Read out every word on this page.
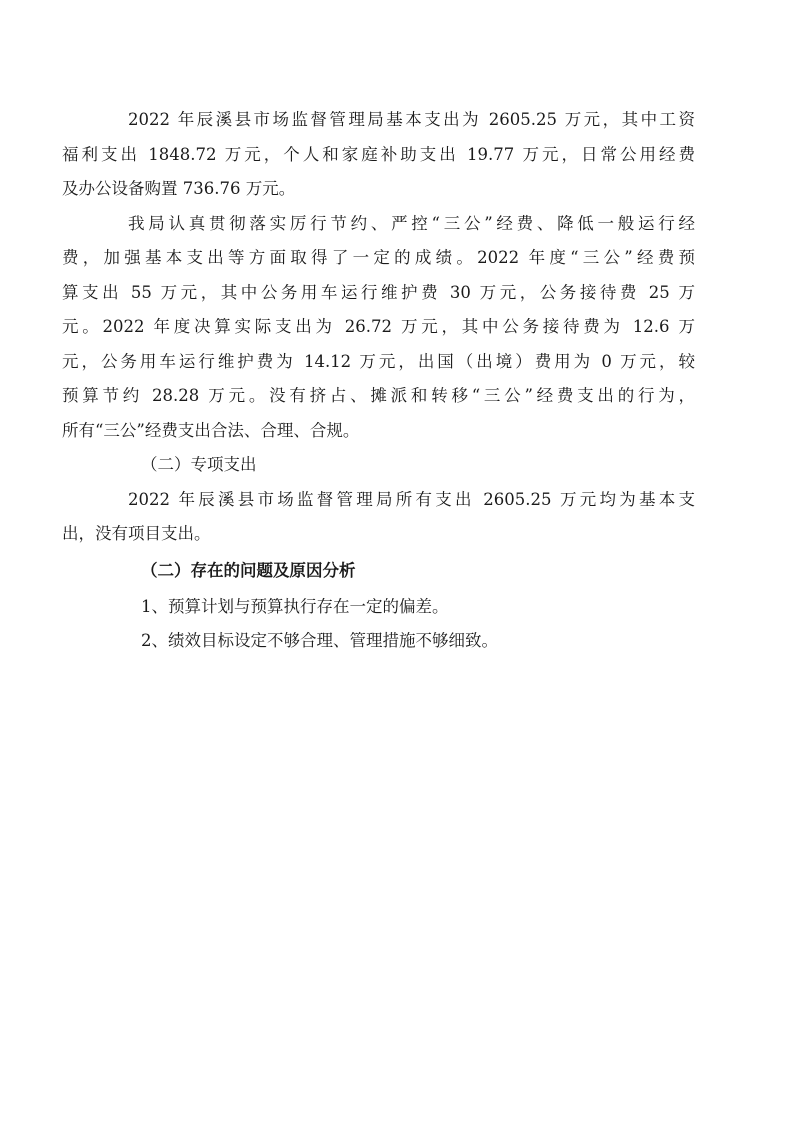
2022 年辰溪县市场监督管理局基本支出为 2605.25 万元，其中工资
福利支出 1848.72 万元，个人和家庭补助支出 19.77 万元，日常公用经费
及办公设备购置 736.76 万元。

我局认真贯彻落实厉行节约、严控“三公”经费、降低一般运行经
费，加强基本支出等方面取得了一定的成绩。2022 年度“三公”经费预
算支出 55 万元，其中公务用车运行维护费 30 万元，公务接待费 25 万
元。2022 年度决算实际支出为 26.72 万元，其中公务接待费为 12.6 万
元，公务用车运行维护费为 14.12 万元，出国（出境）费用为 0 万元，较
预算节约 28.28 万元。没有挤占、摊派和转移“三公”经费支出的行为，
所有“三公”经费支出合法、合理、合规。

（二）专项支出

2022 年辰溪县市场监督管理局所有支出 2605.25 万元均为基本支
出，没有项目支出。

（二）存在的问题及原因分析

1、预算计划与预算执行存在一定的偏差。

2、绩效目标设定不够合理、管理措施不够细致。
